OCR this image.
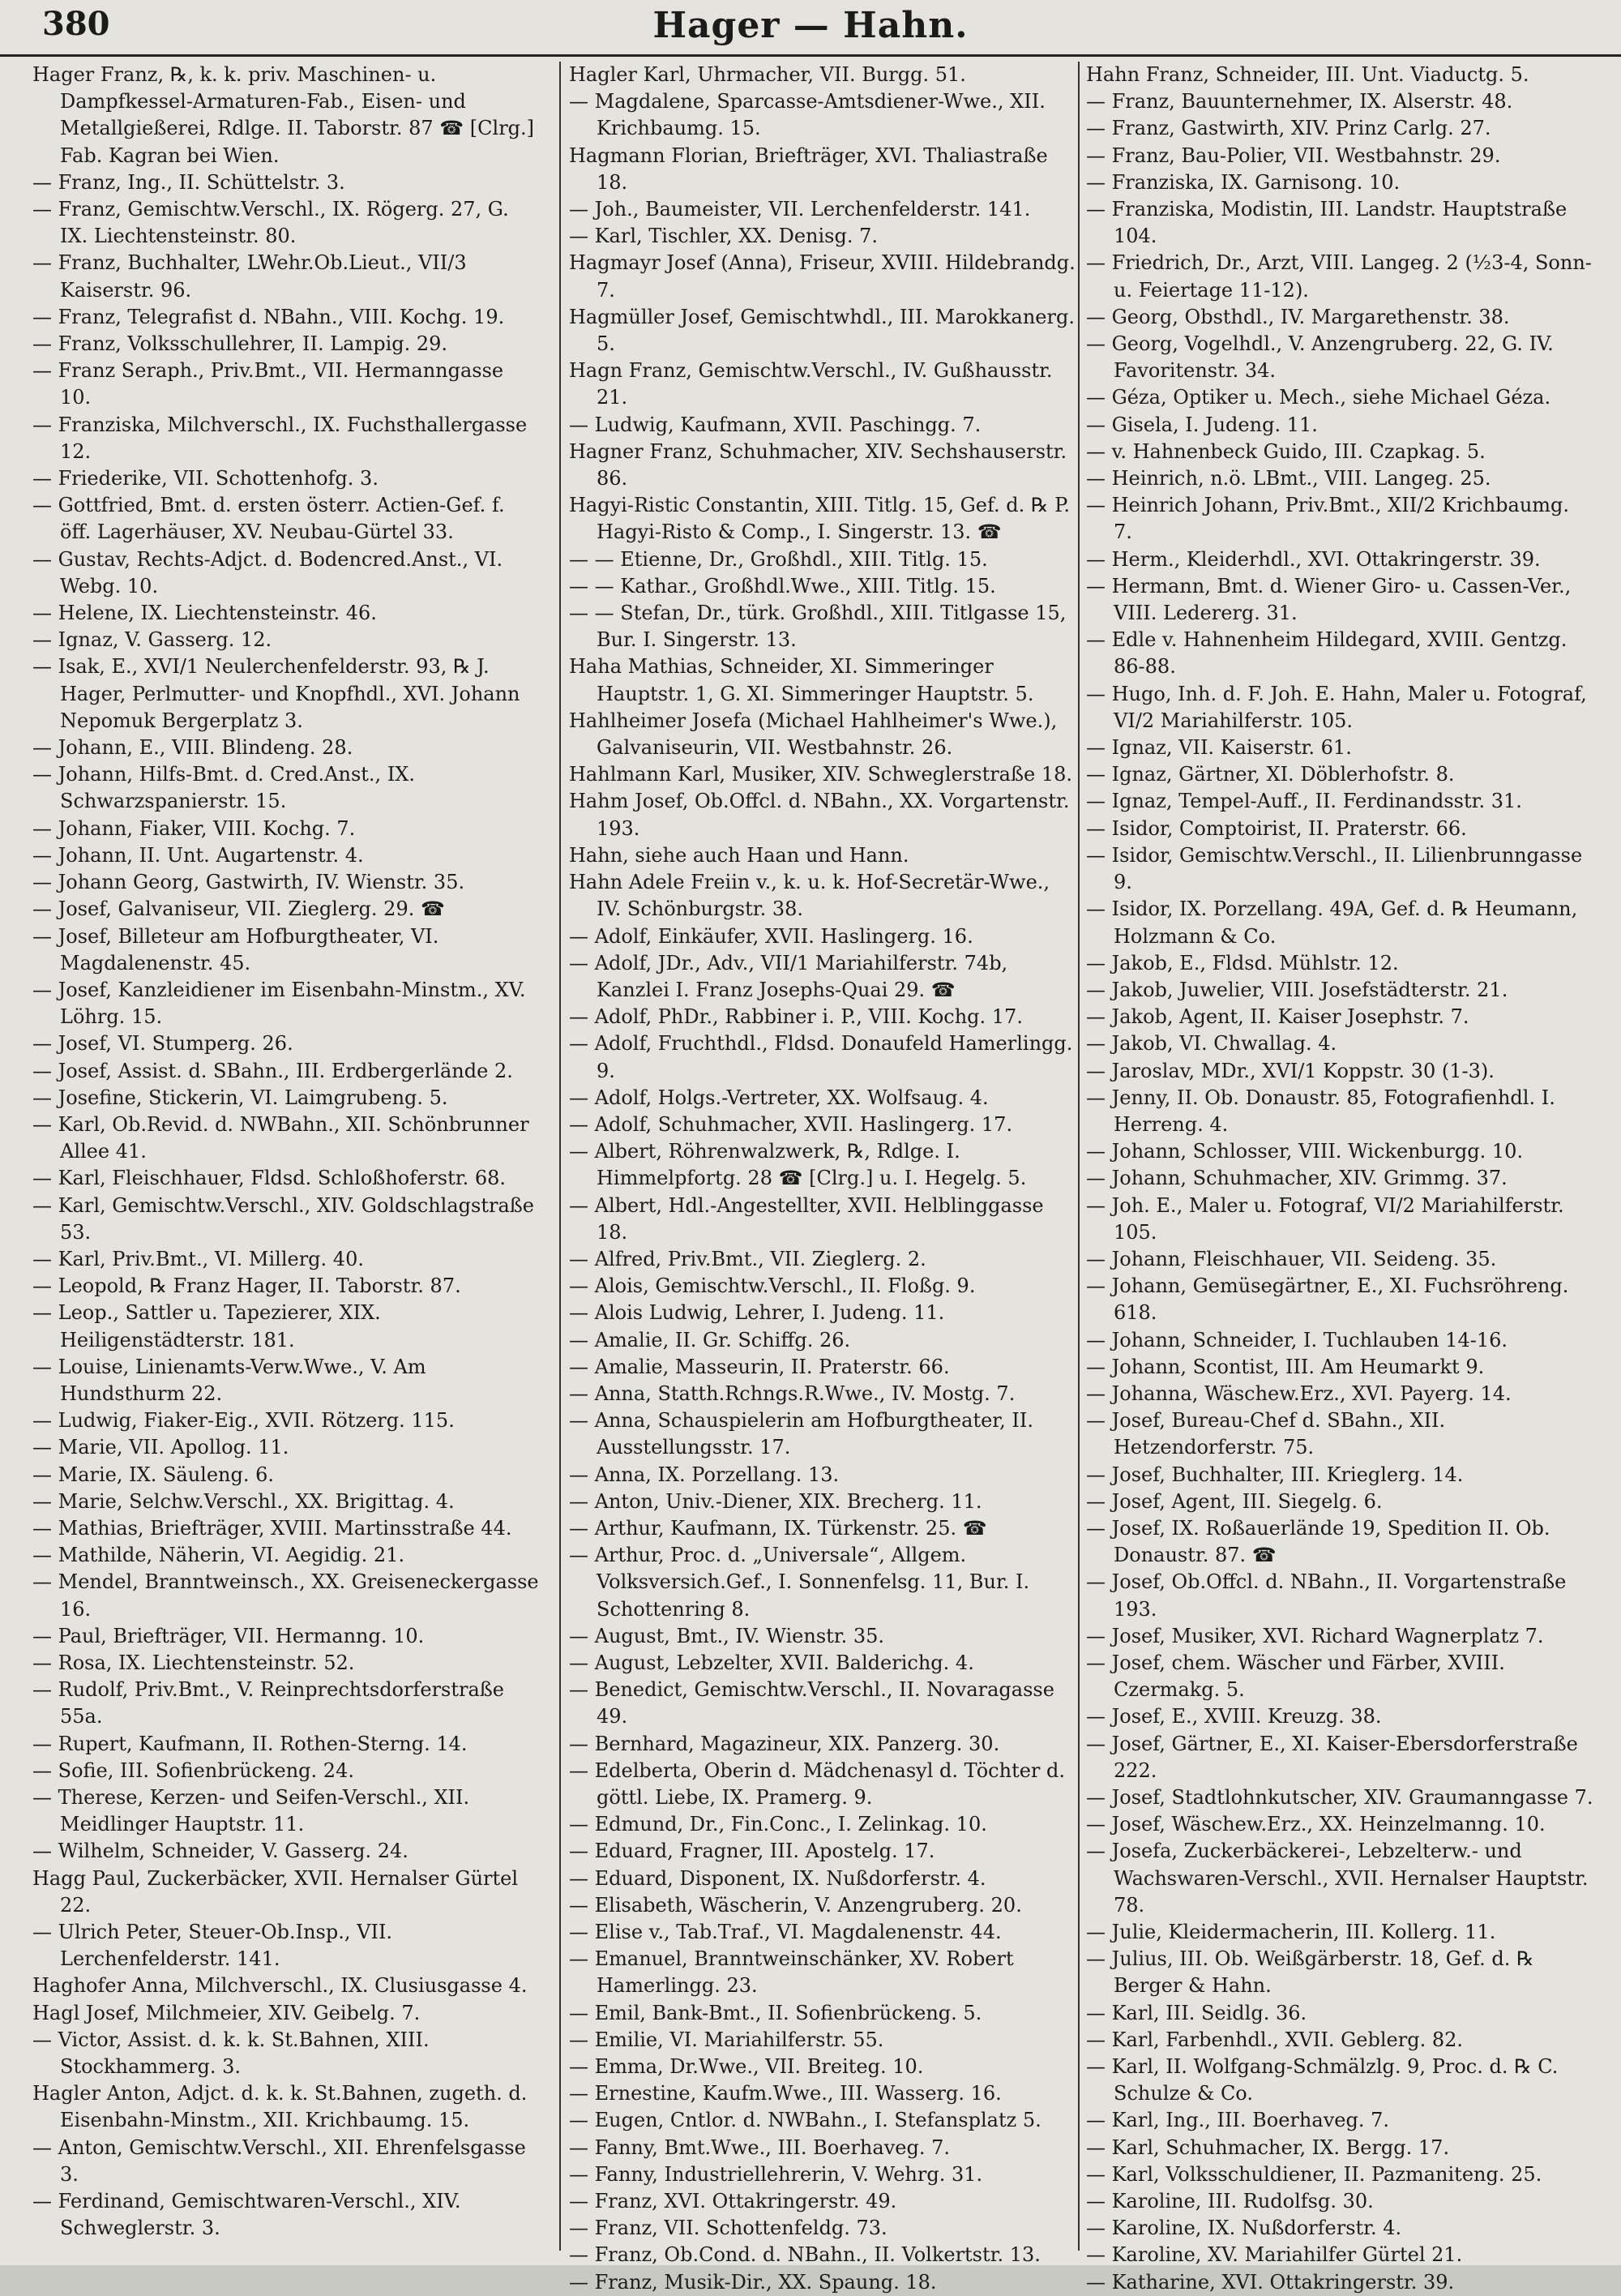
380	Hager — Hahn.

Hager Franz, ℞, k. k. priv. Maschinen- u. Dampfkessel-Armaturen-Fab., Eisen- und Metallgießerei, Rdlge. II. Taborstr. 87 ☎ [Clrg.] Fab. Kagran bei Wien.

— Franz, Ing., II. Schüttelstr. 3.

— Franz, Gemischtw.Verschl., IX. Rögerg. 27, G. IX. Liechtensteinstr. 80.

— Franz, Buchhalter, LWehr.Ob.Lieut., VII/3 Kaiserstr. 96.

— Franz, Telegrafist d. NBahn., VIII. Kochg. 19.

— Franz, Volksschullehrer, II. Lampig. 29.

— Franz Seraph., Priv.Bmt., VII. Hermanngasse 10.

— Franziska, Milchverschl., IX. Fuchsthallergasse 12.

— Friederike, VII. Schottenhofg. 3.

— Gottfried, Bmt. d. ersten österr. Actien-Gef. f. öff. Lagerhäuser, XV. Neubau-Gürtel 33.

— Gustav, Rechts-Adjct. d. Bodencred.Anst., VI. Webg. 10.

— Helene, IX. Liechtensteinstr. 46.

— Ignaz, V. Gasserg. 12.

— Isak, E., XVI/1 Neulerchenfelderstr. 93, ℞ J. Hager, Perlmutter- und Knopfhdl., XVI. Johann Nepomuk Bergerplatz 3.

— Johann, E., VIII. Blindeng. 28.

— Johann, Hilfs-Bmt. d. Cred.Anst., IX. Schwarzspanierstr. 15.

— Johann, Fiaker, VIII. Kochg. 7.

— Johann, II. Unt. Augartenstr. 4.

— Johann Georg, Gastwirth, IV. Wienstr. 35.

— Josef, Galvaniseur, VII. Zieglerg. 29. ☎

— Josef, Billeteur am Hofburgtheater, VI. Magdalenenstr. 45.

— Josef, Kanzleidiener im Eisenbahn-Minstm., XV. Löhrg. 15.

— Josef, VI. Stumperg. 26.

— Josef, Assist. d. SBahn., III. Erdbergerlände 2.

— Josefine, Stickerin, VI. Laimgrubeng. 5.

— Karl, Ob.Revid. d. NWBahn., XII. Schönbrunner Allee 41.

— Karl, Fleischhauer, Fldsd. Schloßhoferstr. 68.

— Karl, Gemischtw.Verschl., XIV. Goldschlagstraße 53.

— Karl, Priv.Bmt., VI. Millerg. 40.

— Leopold, ℞ Franz Hager, II. Taborstr. 87.

— Leop., Sattler u. Tapezierer, XIX. Heiligenstädterstr. 181.

— Louise, Linienamts-Verw.Wwe., V. Am Hundsthurm 22.

— Ludwig, Fiaker-Eig., XVII. Rötzerg. 115.

— Marie, VII. Apollog. 11.

— Marie, IX. Säuleng. 6.

— Marie, Selchw.Verschl., XX. Brigittag. 4.

— Mathias, Briefträger, XVIII. Martinsstraße 44.

— Mathilde, Näherin, VI. Aegidig. 21.

— Mendel, Branntweinsch., XX. Greiseneckergasse 16.

— Paul, Briefträger, VII. Hermanng. 10.

— Rosa, IX. Liechtensteinstr. 52.

— Rudolf, Priv.Bmt., V. Reinprechtsdorferstraße 55a.

— Rupert, Kaufmann, II. Rothen-Sterng. 14.

— Sofie, III. Sofienbrückeng. 24.

— Therese, Kerzen- und Seifen-Verschl., XII. Meidlinger Hauptstr. 11.

— Wilhelm, Schneider, V. Gasserg. 24.

Hagg Paul, Zuckerbäcker, XVII. Hernalser Gürtel 22.

— Ulrich Peter, Steuer-Ob.Insp., VII. Lerchenfelderstr. 141.

Haghofer Anna, Milchverschl., IX. Clusiusgasse 4.

Hagl Josef, Milchmeier, XIV. Geibelg. 7.

— Victor, Assist. d. k. k. St.Bahnen, XIII. Stockhammerg. 3.

Hagler Anton, Adjct. d. k. k. St.Bahnen, zugeth. d. Eisenbahn-Minstm., XII. Krichbaumg. 15.

— Anton, Gemischtw.Verschl., XII. Ehrenfelsgasse 3.

— Ferdinand, Gemischtwaren-Verschl., XIV. Schweglerstr. 3.

Hagler Karl, Uhrmacher, VII. Burgg. 51.

— Magdalene, Sparcasse-Amtsdiener-Wwe., XII. Krichbaumg. 15.

Hagmann Florian, Briefträger, XVI. Thaliastraße 18.

— Joh., Baumeister, VII. Lerchenfelderstr. 141.

— Karl, Tischler, XX. Denisg. 7.

Hagmayr Josef (Anna), Friseur, XVIII. Hildebrandg. 7.

Hagmüller Josef, Gemischtwhdl., III. Marokkanerg. 5.

Hagn Franz, Gemischtw.Verschl., IV. Gußhausstr. 21.

— Ludwig, Kaufmann, XVII. Paschingg. 7.

Hagner Franz, Schuhmacher, XIV. Sechshauserstr. 86.

Hagyi-Ristic Constantin, XIII. Titlg. 15, Gef. d. ℞ P. Hagyi-Risto & Comp., I. Singerstr. 13. ☎

— — Etienne, Dr., Großhdl., XIII. Titlg. 15.

— — Kathar., Großhdl.Wwe., XIII. Titlg. 15.

— — Stefan, Dr., türk. Großhdl., XIII. Titlgasse 15, Bur. I. Singerstr. 13.

Haha Mathias, Schneider, XI. Simmeringer Hauptstr. 1, G. XI. Simmeringer Hauptstr. 5.

Hahlheimer Josefa (Michael Hahlheimer's Wwe.), Galvaniseurin, VII. Westbahnstr. 26.

Hahlmann Karl, Musiker, XIV. Schweglerstraße 18.

Hahm Josef, Ob.Offcl. d. NBahn., XX. Vorgartenstr. 193.

Hahn, siehe auch Haan und Hann.

Hahn Adele Freiin v., k. u. k. Hof-Secretär-Wwe., IV. Schönburgstr. 38.

— Adolf, Einkäufer, XVII. Haslingerg. 16.

— Adolf, JDr., Adv., VII/1 Mariahilferstr. 74b, Kanzlei I. Franz Josephs-Quai 29. ☎

— Adolf, PhDr., Rabbiner i. P., VIII. Kochg. 17.

— Adolf, Fruchthdl., Fldsd. Donaufeld Hamerlingg. 9.

— Adolf, Holgs.-Vertreter, XX. Wolfsaug. 4.

— Adolf, Schuhmacher, XVII. Haslingerg. 17.

— Albert, Röhrenwalzwerk, ℞, Rdlge. I. Himmelpfortg. 28 ☎ [Clrg.] u. I. Hegelg. 5.

— Albert, Hdl.-Angestellter, XVII. Helblinggasse 18.

— Alfred, Priv.Bmt., VII. Zieglerg. 2.

— Alois, Gemischtw.Verschl., II. Floßg. 9.

— Alois Ludwig, Lehrer, I. Judeng. 11.

— Amalie, II. Gr. Schiffg. 26.

— Amalie, Masseurin, II. Praterstr. 66.

— Anna, Statth.Rchngs.R.Wwe., IV. Mostg. 7.

— Anna, Schauspielerin am Hofburgtheater, II. Ausstellungsstr. 17.

— Anna, IX. Porzellang. 13.

— Anton, Univ.-Diener, XIX. Brecherg. 11.

— Arthur, Kaufmann, IX. Türkenstr. 25. ☎

— Arthur, Proc. d. „Universale“, Allgem. Volksversich.Gef., I. Sonnenfelsg. 11, Bur. I. Schottenring 8.

— August, Bmt., IV. Wienstr. 35.

— August, Lebzelter, XVII. Balderichg. 4.

— Benedict, Gemischtw.Verschl., II. Novaragasse 49.

— Bernhard, Magazineur, XIX. Panzerg. 30.

— Edelberta, Oberin d. Mädchenasyl d. Töchter d. göttl. Liebe, IX. Pramerg. 9.

— Edmund, Dr., Fin.Conc., I. Zelinkag. 10.

— Eduard, Fragner, III. Apostelg. 17.

— Eduard, Disponent, IX. Nußdorferstr. 4.

— Elisabeth, Wäscherin, V. Anzengruberg. 20.

— Elise v., Tab.Traf., VI. Magdalenenstr. 44.

— Emanuel, Branntweinschänker, XV. Robert Hamerlingg. 23.

— Emil, Bank-Bmt., II. Sofienbrückeng. 5.

— Emilie, VI. Mariahilferstr. 55.

— Emma, Dr.Wwe., VII. Breiteg. 10.

— Ernestine, Kaufm.Wwe., III. Wasserg. 16.

— Eugen, Cntlor. d. NWBahn., I. Stefansplatz 5.

— Fanny, Bmt.Wwe., III. Boerhaveg. 7.

— Fanny, Industriellehrerin, V. Wehrg. 31.

— Franz, XVI. Ottakringerstr. 49.

— Franz, VII. Schottenfeldg. 73.

— Franz, Ob.Cond. d. NBahn., II. Volkertstr. 13.

— Franz, Musik-Dir., XX. Spaung. 18.

Hahn Franz, Schneider, III. Unt. Viaductg. 5.

— Franz, Bauunternehmer, IX. Alserstr. 48.

— Franz, Gastwirth, XIV. Prinz Carlg. 27.

— Franz, Bau-Polier, VII. Westbahnstr. 29.

— Franziska, IX. Garnisong. 10.

— Franziska, Modistin, III. Landstr. Hauptstraße 104.

— Friedrich, Dr., Arzt, VIII. Langeg. 2 (½3-4, Sonn- u. Feiertage 11-12).

— Georg, Obsthdl., IV. Margarethenstr. 38.

— Georg, Vogelhdl., V. Anzengruberg. 22, G. IV. Favoritenstr. 34.

— Géza, Optiker u. Mech., siehe Michael Géza.

— Gisela, I. Judeng. 11.

— v. Hahnenbeck Guido, III. Czapkag. 5.

— Heinrich, n.ö. LBmt., VIII. Langeg. 25.

— Heinrich Johann, Priv.Bmt., XII/2 Krichbaumg. 7.

— Herm., Kleiderhdl., XVI. Ottakringerstr. 39.

— Hermann, Bmt. d. Wiener Giro- u. Cassen-Ver., VIII. Ledererg. 31.

— Edle v. Hahnenheim Hildegard, XVIII. Gentzg. 86-88.

— Hugo, Inh. d. F. Joh. E. Hahn, Maler u. Fotograf, VI/2 Mariahilferstr. 105.

— Ignaz, VII. Kaiserstr. 61.

— Ignaz, Gärtner, XI. Döblerhofstr. 8.

— Ignaz, Tempel-Auff., II. Ferdinandsstr. 31.

— Isidor, Comptoirist, II. Praterstr. 66.

— Isidor, Gemischtw.Verschl., II. Lilienbrunngasse 9.

— Isidor, IX. Porzellang. 49A, Gef. d. ℞ Heumann, Holzmann & Co.

— Jakob, E., Fldsd. Mühlstr. 12.

— Jakob, Juwelier, VIII. Josefstädterstr. 21.

— Jakob, Agent, II. Kaiser Josephstr. 7.

— Jakob, VI. Chwallag. 4.

— Jaroslav, MDr., XVI/1 Koppstr. 30 (1-3).

— Jenny, II. Ob. Donaustr. 85, Fotografienhdl. I. Herreng. 4.

— Johann, Schlosser, VIII. Wickenburgg. 10.

— Johann, Schuhmacher, XIV. Grimmg. 37.

— Joh. E., Maler u. Fotograf, VI/2 Mariahilferstr. 105.

— Johann, Fleischhauer, VII. Seideng. 35.

— Johann, Gemüsegärtner, E., XI. Fuchsröhreng. 618.

— Johann, Schneider, I. Tuchlauben 14-16.

— Johann, Scontist, III. Am Heumarkt 9.

— Johanna, Wäschew.Erz., XVI. Payerg. 14.

— Josef, Bureau-Chef d. SBahn., XII. Hetzendorferstr. 75.

— Josef, Buchhalter, III. Krieglerg. 14.

— Josef, Agent, III. Siegelg. 6.

— Josef, IX. Roßauerlände 19, Spedition II. Ob. Donaustr. 87. ☎

— Josef, Ob.Offcl. d. NBahn., II. Vorgartenstraße 193.

— Josef, Musiker, XVI. Richard Wagnerplatz 7.

— Josef, chem. Wäscher und Färber, XVIII. Czermakg. 5.

— Josef, E., XVIII. Kreuzg. 38.

— Josef, Gärtner, E., XI. Kaiser-Ebersdorferstraße 222.

— Josef, Stadtlohnkutscher, XIV. Graumanngasse 7.

— Josef, Wäschew.Erz., XX. Heinzelmanng. 10.

— Josefa, Zuckerbäckerei-, Lebzelterw.- und Wachswaren-Verschl., XVII. Hernalser Hauptstr. 78.

— Julie, Kleidermacherin, III. Kollerg. 11.

— Julius, III. Ob. Weißgärberstr. 18, Gef. d. ℞ Berger & Hahn.

— Karl, III. Seidlg. 36.

— Karl, Farbenhdl., XVII. Geblerg. 82.

— Karl, II. Wolfgang-Schmälzlg. 9, Proc. d. ℞ C. Schulze & Co.

— Karl, Ing., III. Boerhaveg. 7.

— Karl, Schuhmacher, IX. Bergg. 17.

— Karl, Volksschuldiener, II. Pazmaniteng. 25.

— Karoline, III. Rudolfsg. 30.

— Karoline, IX. Nußdorferstr. 4.

— Karoline, XV. Mariahilfer Gürtel 21.

— Katharine, XVI. Ottakringerstr. 39.
